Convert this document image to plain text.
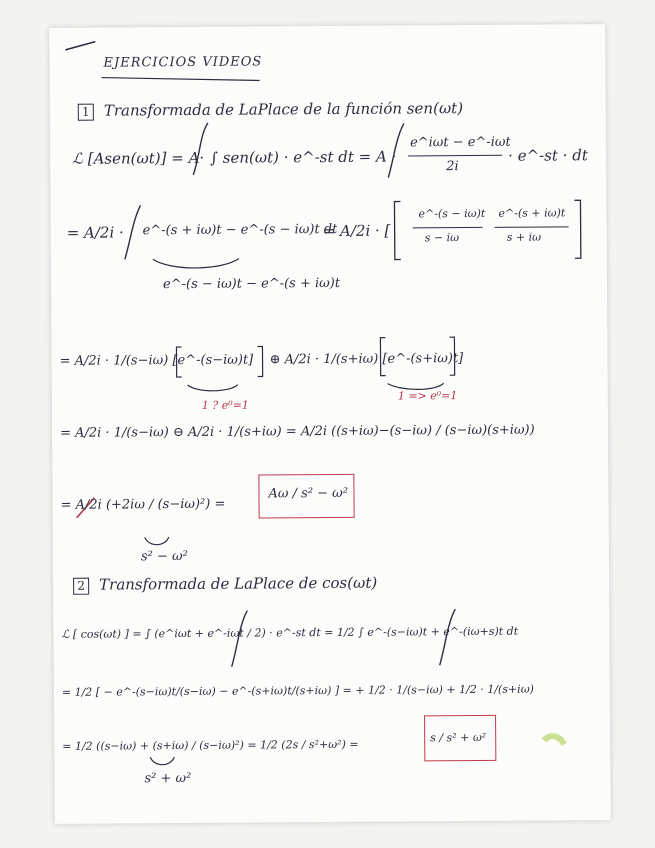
EJERCICIOS VIDEOS
1 Transformada de LaPlace de la función sen(ωt)
ℒ [Asen(ωt)] = A· ∫ sen(ωt) · e^-st dt = A ·
e^iωt − e^-iωt
2i
· e^-st · dt
= A/2i · e^-(s + iω)t − e^-(s − iω)t dt
= A/2i · [
e^-(s − iω)t
s − iω
e^-(s + iω)t
s + iω
e^-(s − iω)t − e^-(s + iω)t
= A/2i · 1/(s−iω) [e^-(s−iω)t] ⊕ A/2i · 1/(s+iω) [e^-(s+iω)t]
1 ? e⁰=1
1 => e⁰=1
= A/2i · 1/(s−iω) ⊖ A/2i · 1/(s+iω) = A/2i ((s+iω)−(s−iω) / (s−iω)(s+iω))
= A/2i (+2iω / (s−iω)²) =
s² − ω²
Aω / s² − ω²
2 Transformada de LaPlace de cos(ωt)
ℒ [ cos(ωt) ] = ∫ (e^iωt + e^-iωt / 2) · e^-st dt = 1/2 ∫ e^-(s−iω)t + e^-(iω+s)t dt
= 1/2 [ − e^-(s−iω)t/(s−iω) − e^-(s+iω)t/(s+iω) ] = + 1/2 · 1/(s−iω) + 1/2 · 1/(s+iω)
= 1/2 ((s−iω) + (s+iω) / (s−iω)²) = 1/2 (2s / s²+ω²) =
s² + ω²
s / s² + ω²
